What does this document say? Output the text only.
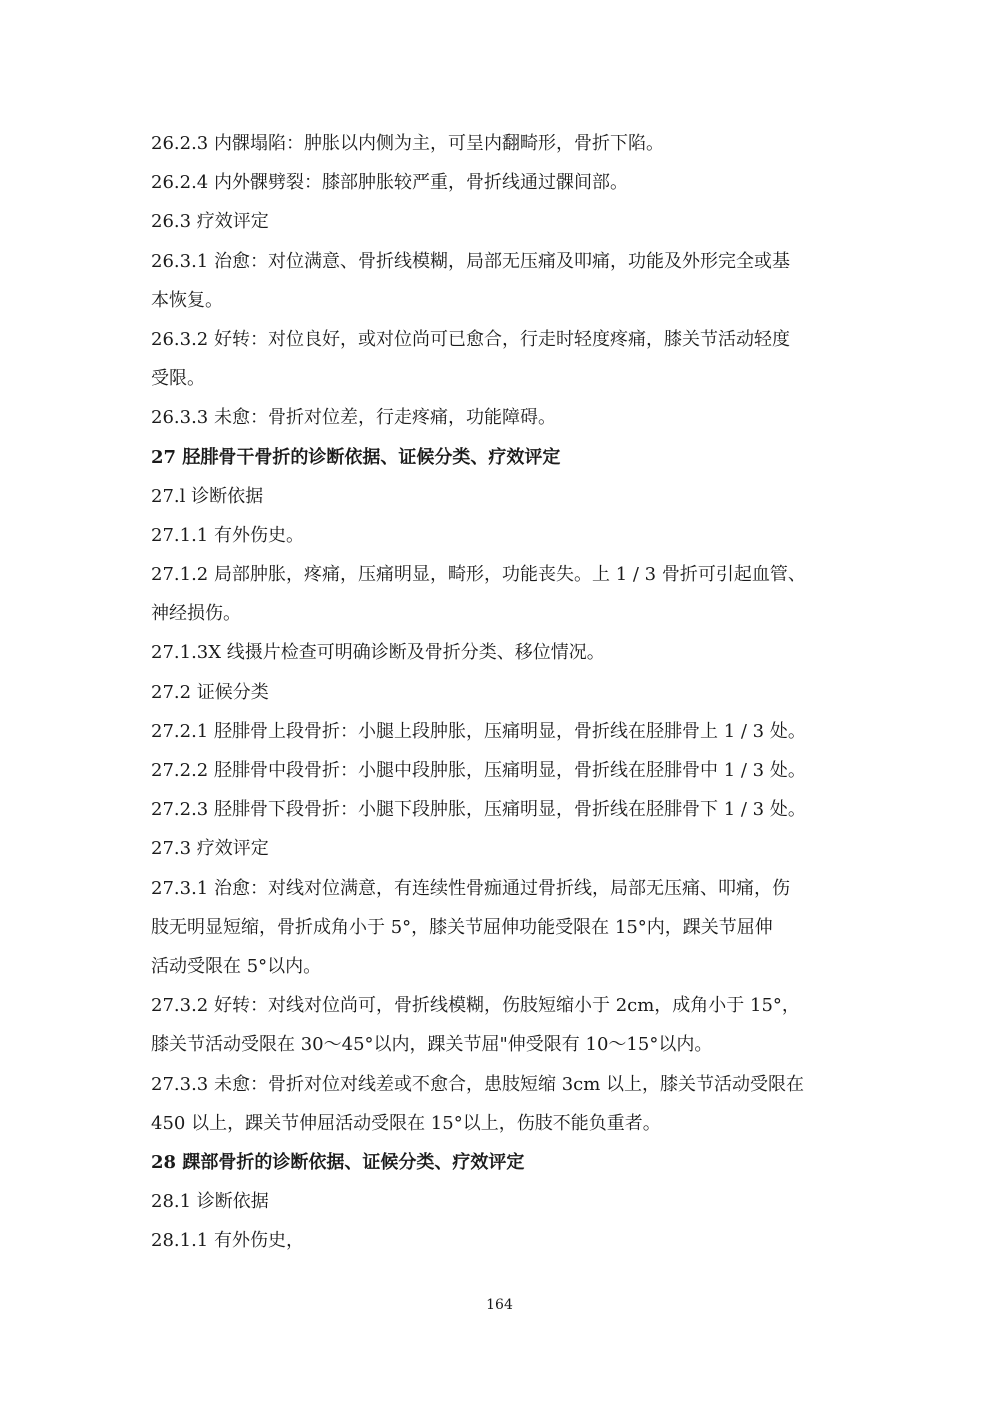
26.2.3 内髁塌陷：肿胀以内侧为主，可呈内翻畸形，骨折下陷。
26.2.4 内外髁劈裂：膝部肿胀较严重，骨折线通过髁间部。
26.3 疗效评定
26.3.1 治愈：对位满意、骨折线模糊，局部无压痛及叩痛，功能及外形完全或基
本恢复。
26.3.2 好转：对位良好，或对位尚可已愈合，行走时轻度疼痛，膝关节活动轻度
受限。
26.3.3 未愈：骨折对位差，行走疼痛，功能障碍。
27 胫腓骨干骨折的诊断依据、证候分类、疗效评定
27.l 诊断依据
27.1.1 有外伤史。
27.1.2 局部肿胀，疼痛，压痛明显，畸形，功能丧失。上 1 / 3 骨折可引起血管、
神经损伤。
27.1.3X 线摄片检查可明确诊断及骨折分类、移位情况。
27.2 证候分类
27.2.1 胫腓骨上段骨折：小腿上段肿胀，压痛明显，骨折线在胫腓骨上 1 / 3 处。
27.2.2 胫腓骨中段骨折：小腿中段肿胀，压痛明显，骨折线在胫腓骨中 1 / 3 处。
27.2.3 胫腓骨下段骨折：小腿下段肿胀，压痛明显，骨折线在胫腓骨下 1 / 3 处。
27.3 疗效评定
27.3.1 治愈：对线对位满意，有连续性骨痂通过骨折线，局部无压痛、叩痛，伤
肢无明显短缩，骨折成角小于 5°，膝关节屈伸功能受限在 15°内，踝关节屈伸
活动受限在 5°以内。
27.3.2 好转：对线对位尚可，骨折线模糊，伤肢短缩小于 2cm，成角小于 15°，
膝关节活动受限在 30～45°以内，踝关节屈"伸受限有 10～15°以内。
27.3.3 未愈：骨折对位对线差或不愈合，患肢短缩 3cm 以上，膝关节活动受限在
450 以上，踝关节伸屈活动受限在 15°以上，伤肢不能负重者。
28 踝部骨折的诊断依据、证候分类、疗效评定
28.1 诊断依据
28.1.1 有外伤史，
164
